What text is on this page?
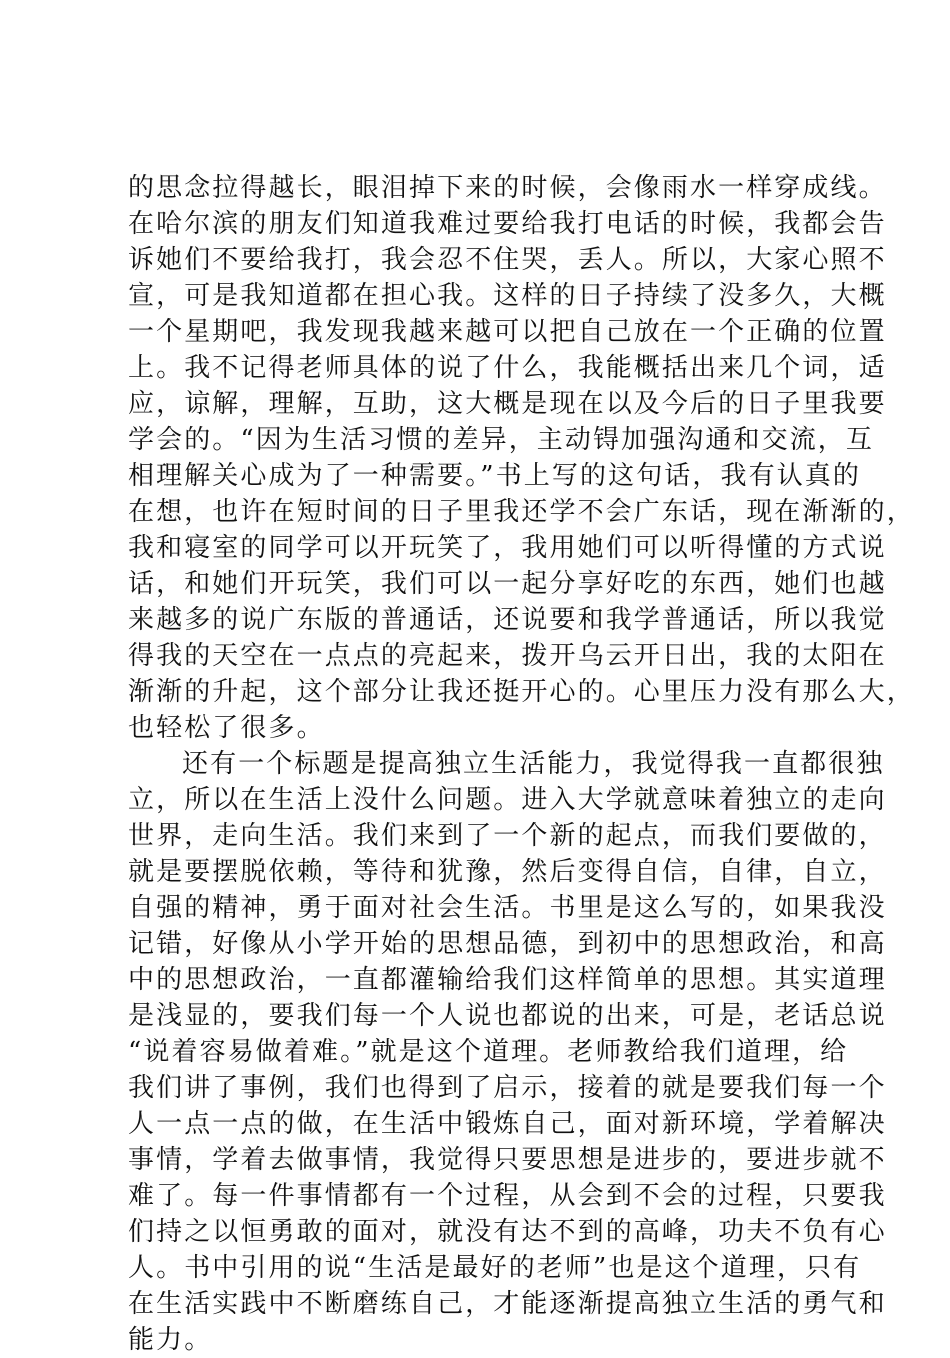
的思念拉得越长，眼泪掉下来的时候，会像雨水一样穿成线。
在哈尔滨的朋友们知道我难过要给我打电话的时候，我都会告
诉她们不要给我打，我会忍不住哭，丢人。所以，大家心照不
宣，可是我知道都在担心我。这样的日子持续了没多久，大概
一个星期吧，我发现我越来越可以把自己放在一个正确的位置
上。我不记得老师具体的说了什么，我能概括出来几个词，适
应，谅解，理解，互助，这大概是现在以及今后的日子里我要
学会的。“因为生活习惯的差异，主动锝加强沟通和交流，互
相理解关心成为了一种需要。”书上写的这句话，我有认真的
在想，也许在短时间的日子里我还学不会广东话，现在渐渐的，
我和寝室的同学可以开玩笑了，我用她们可以听得懂的方式说
话，和她们开玩笑，我们可以一起分享好吃的东西，她们也越
来越多的说广东版的普通话，还说要和我学普通话，所以我觉
得我的天空在一点点的亮起来，拨开乌云开日出，我的太阳在
渐渐的升起，这个部分让我还挺开心的。心里压力没有那么大，
也轻松了很多。
还有一个标题是提高独立生活能力，我觉得我一直都很独
立，所以在生活上没什么问题。进入大学就意味着独立的走向
世界，走向生活。我们来到了一个新的起点，而我们要做的，
就是要摆脱依赖，等待和犹豫，然后变得自信，自律，自立，
自强的精神，勇于面对社会生活。书里是这么写的，如果我没
记错，好像从小学开始的思想品德，到初中的思想政治，和高
中的思想政治，一直都灌输给我们这样简单的思想。其实道理
是浅显的，要我们每一个人说也都说的出来，可是，老话总说
“说着容易做着难。”就是这个道理。老师教给我们道理，给
我们讲了事例，我们也得到了启示，接着的就是要我们每一个
人一点一点的做，在生活中锻炼自己，面对新环境，学着解决
事情，学着去做事情，我觉得只要思想是进步的，要进步就不
难了。每一件事情都有一个过程，从会到不会的过程，只要我
们持之以恒勇敢的面对，就没有达不到的高峰，功夫不负有心
人。书中引用的说“生活是最好的老师”也是这个道理，只有
在生活实践中不断磨练自己，才能逐渐提高独立生活的勇气和
能力。
